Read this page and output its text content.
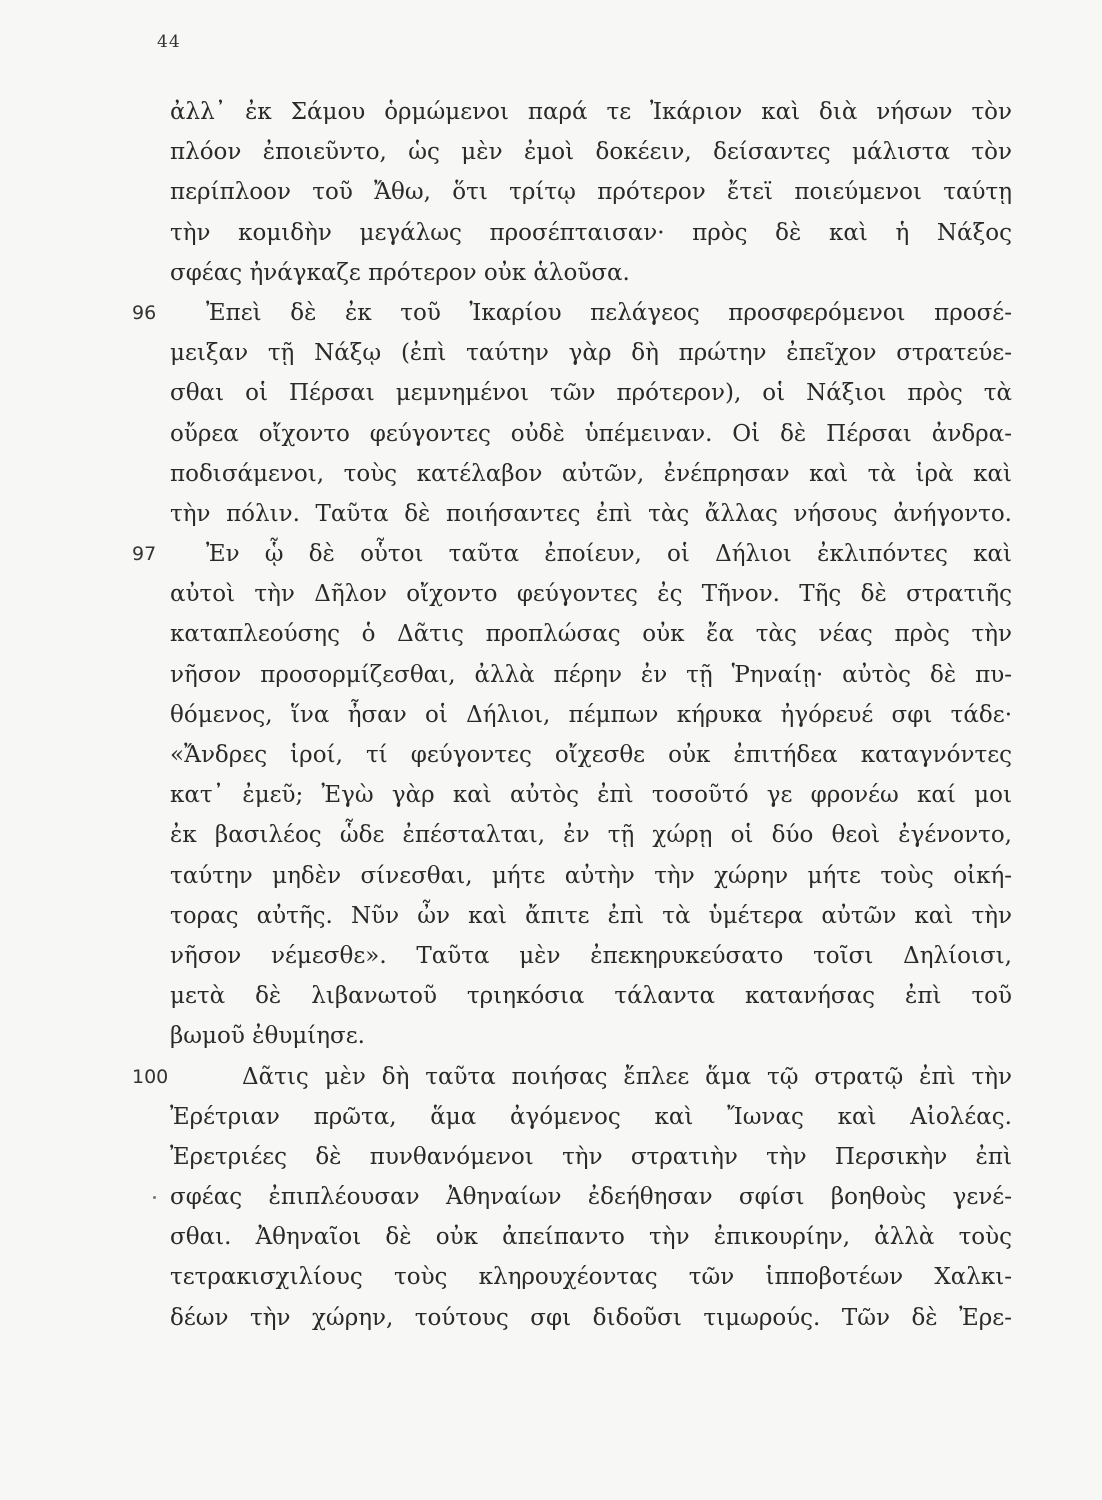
44
ἀλλ᾽ ἐκ Σάμου ὁρμώμενοι παρά τε Ἰκάριον καὶ διὰ νήσων τὸν
πλόον ἐποιεῦντο, ὡς μὲν ἐμοὶ δοκέειν, δείσαντες μάλιστα τὸν
περίπλοον τοῦ Ἄθω, ὅτι τρίτῳ πρότερον ἔτεϊ ποιεύμενοι ταύτῃ
τὴν κομιδὴν μεγάλως προσέπταισαν· πρὸς δὲ καὶ ἡ Νάξος
σφέας ἠνάγκαζε πρότερον οὐκ ἁλοῦσα.
96	Ἐπεὶ δὲ ἐκ τοῦ Ἰκαρίου πελάγεος προσφερόμενοι προσέ-
μειξαν τῇ Νάξῳ (ἐπὶ ταύτην γὰρ δὴ πρώτην ἐπεῖχον στρατεύε-
σθαι οἱ Πέρσαι μεμνημένοι τῶν πρότερον), οἱ Νάξιοι πρὸς τὰ
οὔρεα οἴχοντο φεύγοντες οὐδὲ ὑπέμειναν. Οἱ δὲ Πέρσαι ἀνδρα-
ποδισάμενοι, τοὺς κατέλαβον αὐτῶν, ἐνέπρησαν καὶ τὰ ἱρὰ καὶ
τὴν πόλιν. Ταῦτα δὲ ποιήσαντες ἐπὶ τὰς ἄλλας νήσους ἀνήγοντο.
97	Ἐν ᾧ δὲ οὗτοι ταῦτα ἐποίευν, οἱ Δήλιοι ἐκλιπόντες καὶ
αὐτοὶ τὴν Δῆλον οἴχοντο φεύγοντες ἐς Τῆνον. Τῆς δὲ στρατιῆς
καταπλεούσης ὁ Δᾶτις προπλώσας οὐκ ἔα τὰς νέας πρὸς τὴν
νῆσον προσορμίζεσθαι, ἀλλὰ πέρην ἐν τῇ Ῥηναίῃ· αὐτὸς δὲ πυ-
θόμενος, ἵνα ἦσαν οἱ Δήλιοι, πέμπων κήρυκα ἠγόρευέ σφι τάδε·
«Ἄνδρες ἱροί, τί φεύγοντες οἴχεσθε οὐκ ἐπιτήδεα καταγνόντες
κατ᾽ ἐμεῦ; Ἐγὼ γὰρ καὶ αὐτὸς ἐπὶ τοσοῦτό γε φρονέω καί μοι
ἐκ βασιλέος ὧδε ἐπέσταλται, ἐν τῇ χώρῃ οἱ δύο θεοὶ ἐγένοντο,
ταύτην μηδὲν σίνεσθαι, μήτε αὐτὴν τὴν χώρην μήτε τοὺς οἰκή-
τορας αὐτῆς. Νῦν ὦν καὶ ἄπιτε ἐπὶ τὰ ὑμέτερα αὐτῶν καὶ τὴν
νῆσον νέμεσθε». Ταῦτα μὲν ἐπεκηρυκεύσατο τοῖσι Δηλίοισι,
μετὰ δὲ λιβανωτοῦ τριηκόσια τάλαντα κατανήσας ἐπὶ τοῦ
βωμοῦ ἐθυμίησε.
100	Δᾶτις μὲν δὴ ταῦτα ποιήσας ἔπλεε ἅμα τῷ στρατῷ ἐπὶ τὴν
Ἐρέτριαν πρῶτα, ἅμα ἀγόμενος καὶ Ἴωνας καὶ Αἰολέας.
Ἐρετριέες δὲ πυνθανόμενοι τὴν στρατιὴν τὴν Περσικὴν ἐπὶ
σφέας ἐπιπλέουσαν Ἀθηναίων ἐδεήθησαν σφίσι βοηθοὺς γενέ-
σθαι. Ἀθηναῖοι δὲ οὐκ ἀπείπαντο τὴν ἐπικουρίην, ἀλλὰ τοὺς
τετρακισχιλίους τοὺς κληρουχέοντας τῶν ἱπποβοτέων Χαλκι-
δέων τὴν χώρην, τούτους σφι διδοῦσι τιμωρούς. Τῶν δὲ Ἐρε-
